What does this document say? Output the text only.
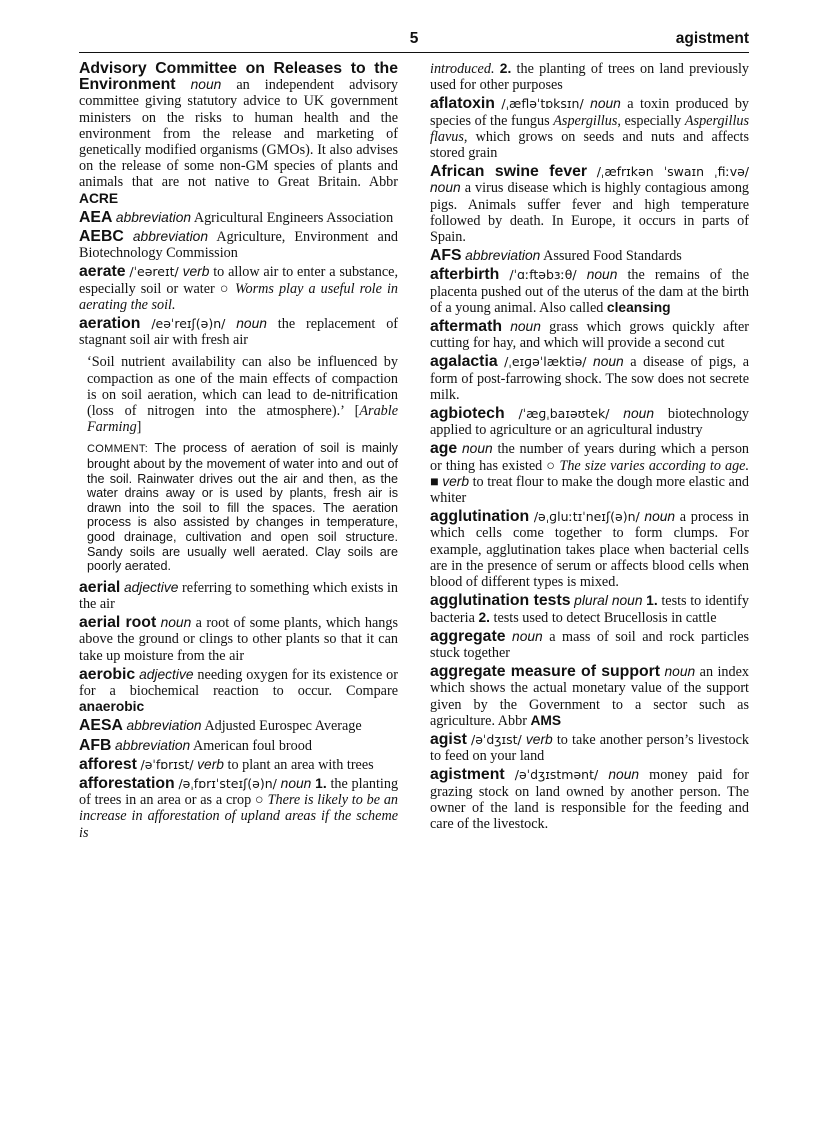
5	agistment

Advisory Committee on Releases to the Environment noun an independent advisory committee giving statutory advice to UK government ministers on the risks to human health and the environment from the release and marketing of genetically modified organisms (GMOs). It also advises on the release of some non-GM species of plants and animals that are not native to Great Britain. Abbr ACRE

AEA abbreviation Agricultural Engineers Association

AEBC abbreviation Agriculture, Environment and Biotechnology Commission

aerate /ˈeəreɪt/ verb to allow air to enter a substance, especially soil or water ○ Worms play a useful role in aerating the soil.

aeration /eəˈreɪʃ(ə)n/ noun the replacement of stagnant soil air with fresh air

‘Soil nutrient availability can also be influenced by compaction as one of the main effects of compaction is on soil aeration, which can lead to de-nitrification (loss of nitrogen into the atmosphere).’ [Arable Farming]

COMMENT: The process of aeration of soil is mainly brought about by the movement of water into and out of the soil. Rainwater drives out the air and then, as the water drains away or is used by plants, fresh air is drawn into the soil to fill the spaces. The aeration process is also assisted by changes in temperature, good drainage, cultivation and open soil structure. Sandy soils are usually well aerated. Clay soils are poorly aerated.

aerial adjective referring to something which exists in the air

aerial root noun a root of some plants, which hangs above the ground or clings to other plants so that it can take up moisture from the air

aerobic adjective needing oxygen for its existence or for a biochemical reaction to occur. Compare anaerobic

AESA abbreviation Adjusted Eurospec Average

AFB abbreviation American foul brood

afforest /əˈfɒrɪst/ verb to plant an area with trees

afforestation /əˌfɒrɪˈsteɪʃ(ə)n/ noun 1. the planting of trees in an area or as a crop ○ There is likely to be an increase in afforestation of upland areas if the scheme is

introduced. 2. the planting of trees on land previously used for other purposes

aflatoxin /ˌæfləˈtɒksɪn/ noun a toxin produced by species of the fungus Aspergillus, especially Aspergillus flavus, which grows on seeds and nuts and affects stored grain

African swine fever /ˌæfrɪkən ˈswaɪn ˌfiːvə/ noun a virus disease which is highly contagious among pigs. Animals suffer fever and high temperature followed by death. In Europe, it occurs in parts of Spain.

AFS abbreviation Assured Food Standards

afterbirth /ˈɑːftəbɜːθ/ noun the remains of the placenta pushed out of the uterus of the dam at the birth of a young animal. Also called cleansing

aftermath noun grass which grows quickly after cutting for hay, and which will provide a second cut

agalactia /ˌeɪɡəˈlæktiə/ noun a disease of pigs, a form of post-farrowing shock. The sow does not secrete milk.

agbiotech /ˈæɡˌbaɪəʊtek/ noun biotechnology applied to agriculture or an agricultural industry

age noun the number of years during which a person or thing has existed ○ The size varies according to age. ■ verb to treat flour to make the dough more elastic and whiter

agglutination /əˌɡluːtɪˈneɪʃ(ə)n/ noun a process in which cells come together to form clumps. For example, agglutination takes place when bacterial cells are in the presence of serum or affects blood cells when blood of different types is mixed.

agglutination tests plural noun 1. tests to identify bacteria 2. tests used to detect Brucellosis in cattle

aggregate noun a mass of soil and rock particles stuck together

aggregate measure of support noun an index which shows the actual monetary value of the support given by the Government to a sector such as agriculture. Abbr AMS

agist /əˈdʒɪst/ verb to take another person’s livestock to feed on your land

agistment /əˈdʒɪstmənt/ noun money paid for grazing stock on land owned by another person. The owner of the land is responsible for the feeding and care of the livestock.
